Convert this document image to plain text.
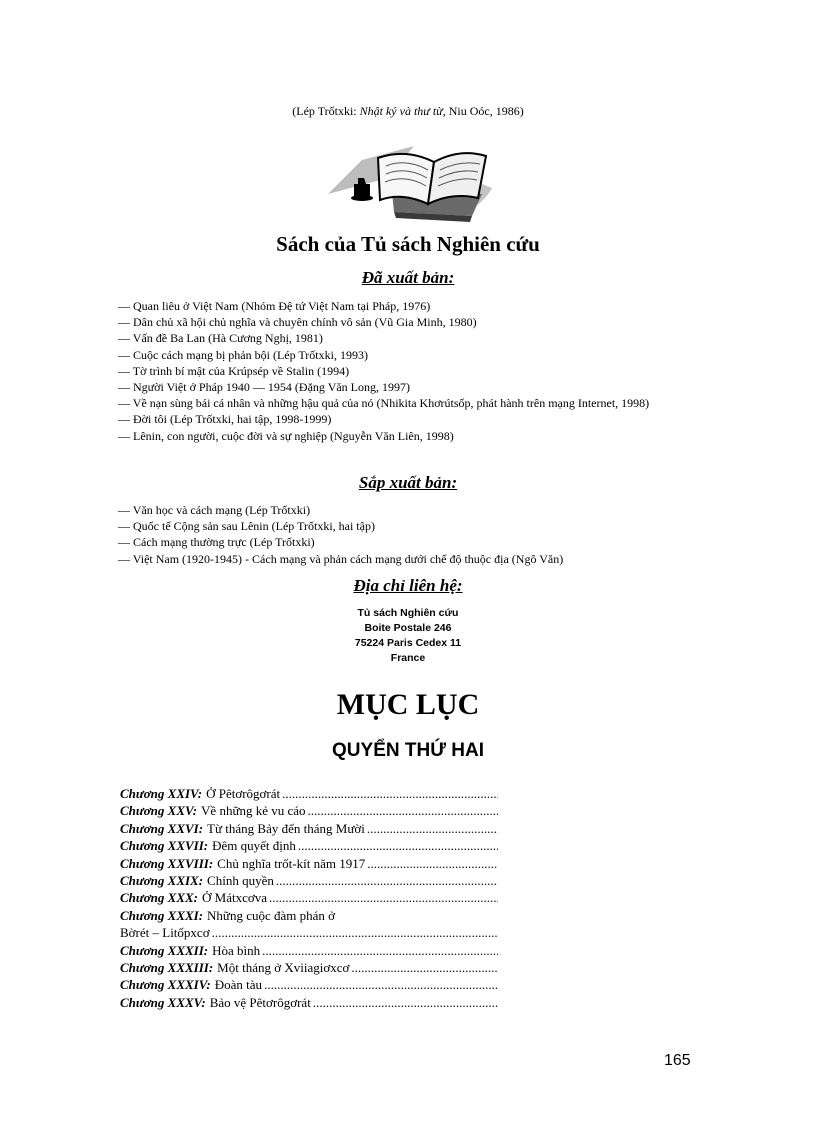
(Lép Trốtxki: Nhật ký và thư từ, Niu Oóc, 1986)
Sách của Tủ sách Nghiên cứu
Đã xuất bản:
— Quan liêu ở Việt Nam (Nhóm Đệ tứ Việt Nam tại Pháp, 1976)
— Dân chủ xã hội chủ nghĩa và chuyên chính vô sản (Vũ Gia Minh, 1980)
— Vấn đề Ba Lan (Hà Cương Nghị, 1981)
— Cuộc cách mạng bị phản bội (Lép Trốtxki, 1993)
— Tờ trình bí mật của Krúpsép về Stalin (1994)
— Người Việt ở Pháp 1940 — 1954 (Đặng Văn Long, 1997)
— Về nạn sùng bái cá nhân và những hậu quả của nó (Nhikita Khơrútsốp, phát hành trên mạng Internet, 1998)
— Đời tôi (Lép Trốtxki, hai tập, 1998-1999)
— Lênin, con người, cuộc đời và sự nghiệp (Nguyễn Văn Liên, 1998)
Sắp xuất bản:
— Văn học và cách mạng (Lép Trốtxki)
— Quốc tế Cộng sản sau Lênin (Lép Trốtxki, hai tập)
— Cách mạng thường trực (Lép Trốtxki)
— Việt Nam (1920-1945) - Cách mạng và phản cách mạng dưới chế độ thuộc địa (Ngô Văn)
Địa chỉ liên hệ:
Tủ sách Nghiên cứu
Boite Postale 246
75224 Paris Cedex 11
France
MỤC LỤC
QUYỂN THỨ HAI
Chương XXIV: Ở Pêtơrôgơrát
.....
Chương XXV: Về những kẻ vu cáo
.....
Chương XXVI: Từ tháng Bảy đến tháng Mười
.....
Chương XXVII: Đêm quyết định
.....
Chương XXVIII: Chủ nghĩa trốt-kít năm 1917
.....
Chương XXIX: Chính quyền
.....
Chương XXX: Ở Mátxcơva
.....
Chương XXXI: Những cuộc đàm phán ở
Bờrét – Litốpxcơ
.....
Chương XXXII: Hòa bình
.....
Chương XXXIII: Một tháng ở Xviiagiơxcơ
.....
Chương XXXIV: Đoàn tàu
.....
Chương XXXV: Bảo vệ Pêtơrôgơrát
.....
165
